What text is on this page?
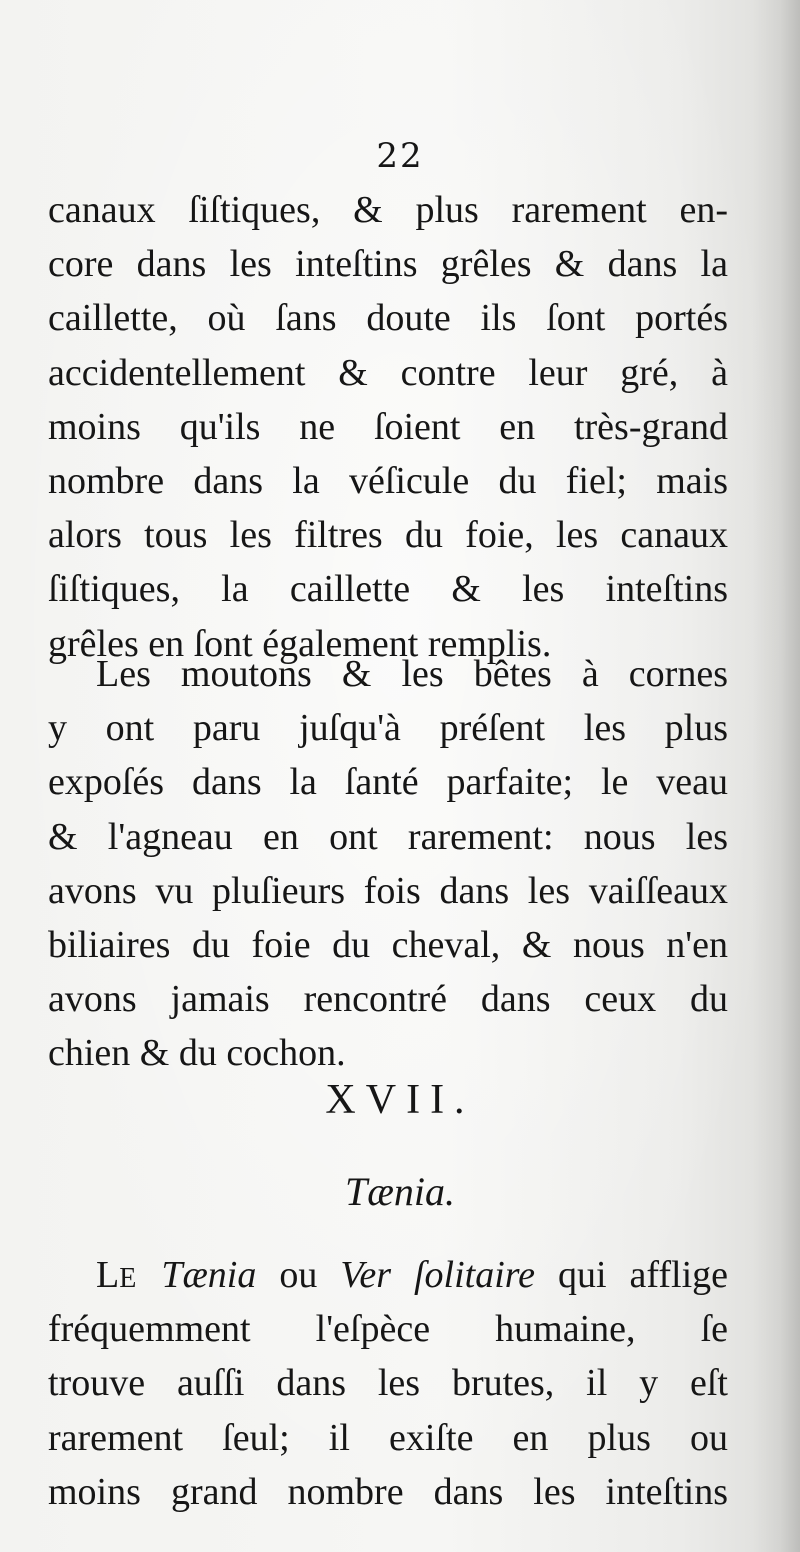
22
canaux ſiſtiques, & plus rarement en-
core dans les inteſtins grêles & dans la
caillette, où ſans doute ils ſont portés
accidentellement & contre leur gré, à
moins qu'ils ne ſoient en très-grand
nombre dans la véſicule du fiel; mais
alors tous les filtres du foie, les canaux
ſiſtiques, la caillette & les inteſtins
grêles en ſont également remplis.
Les moutons & les bêtes à cornes
y ont paru juſqu'à préſent les plus
expoſés dans la ſanté parfaite; le veau
& l'agneau en ont rarement: nous les
avons vu pluſieurs fois dans les vaiſſeaux
biliaires du foie du cheval, & nous n'en
avons jamais rencontré dans ceux du
chien & du cochon.
XVII.
Tænia.
LE Tænia ou Ver ſolitaire qui afflige
fréquemment l'eſpèce humaine, ſe
trouve auſſi dans les brutes, il y eſt
rarement ſeul; il exiſte en plus ou
moins grand nombre dans les inteſtins
